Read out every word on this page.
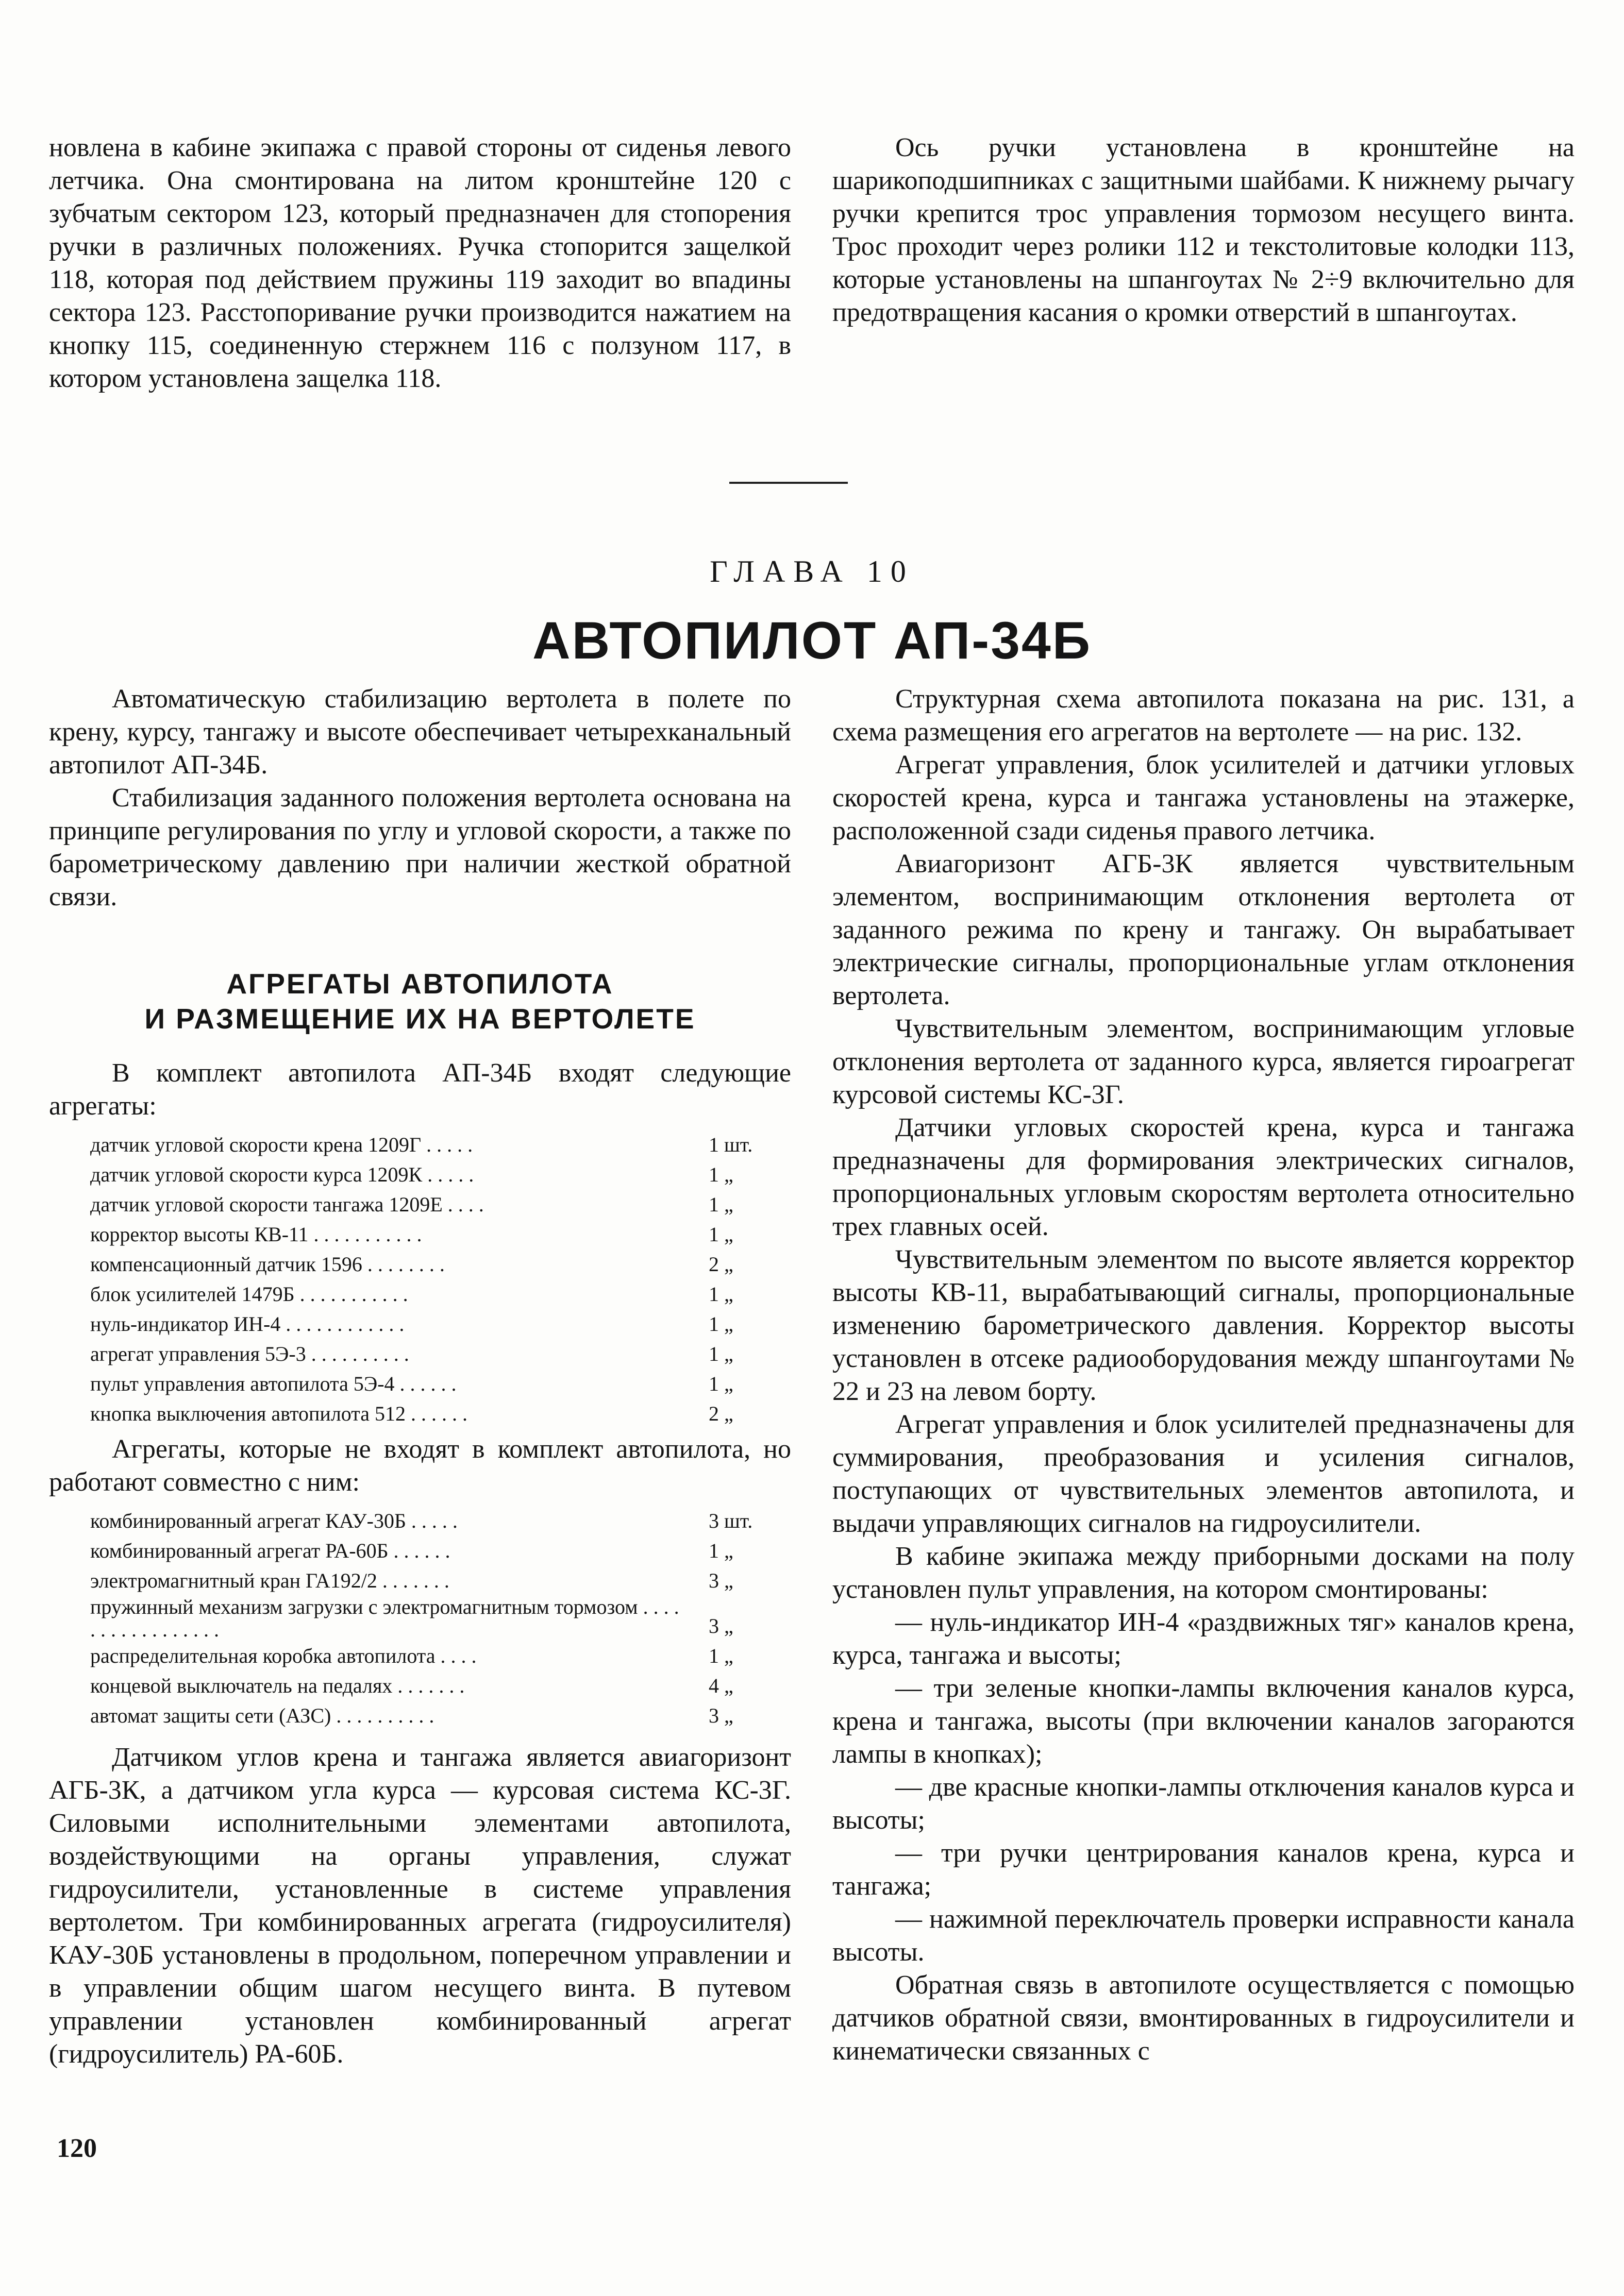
новлена в кабине экипажа с правой стороны от сиденья левого летчика. Она смонтирована на литом кронштейне 120 с зубчатым сектором 123, который предназначен для стопорения ручки в различных положениях. Ручка стопорится защелкой 118, которая под действием пружины 119 заходит во впадины сектора 123. Расстопоривание ручки производится нажатием на кнопку 115, соединенную стержнем 116 с ползуном 117, в котором установлена защелка 118.

Ось ручки установлена в кронштейне на шарикоподшипниках с защитными шайбами. К нижнему рычагу ручки крепится трос управления тормозом несущего винта. Трос проходит через ролики 112 и текстолитовые колодки 113, которые установлены на шпангоутах № 2÷9 включительно для предотвращения касания о кромки отверстий в шпангоутах.

ГЛАВА 10
АВТОПИЛОТ АП-34Б

Автоматическую стабилизацию вертолета в полете по крену, курсу, тангажу и высоте обеспечивает четырехканальный автопилот АП-34Б.

Стабилизация заданного положения вертолета основана на принципе регулирования по углу и угловой скорости, а также по барометрическому давлению при наличии жесткой обратной связи.

АГРЕГАТЫ АВТОПИЛОТА

И РАЗМЕЩЕНИЕ ИХ НА ВЕРТОЛЕТЕ

В комплект автопилота АП-34Б входят следующие агрегаты:

датчик угловой скорости крена 1209Г . . . . .	1	шт.
датчик угловой скорости курса 1209К . . . . .	1	„
датчик угловой скорости тангажа 1209Е . . . .	1	„
корректор высоты КВ-11 . . . . . . . . . . .	1	„
компенсационный датчик 1596 . . . . . . . .	2	„
блок усилителей 1479Б . . . . . . . . . . .	1	„
нуль-индикатор ИН-4 . . . . . . . . . . . .	1	„
агрегат управления 5Э-3 . . . . . . . . . .	1	„
пульт управления автопилота 5Э-4 . . . . . .	1	„
кнопка выключения автопилота 512 . . . . . .	2	„

Агрегаты, которые не входят в комплект автопилота, но работают совместно с ним:

комбинированный агрегат КАУ-30Б . . . . .	3	шт.
комбинированный агрегат РА-60Б . . . . . .	1	„
электромагнитный кран ГА192/2 . . . . . . .	3	„
пружинный механизм загрузки с электромагнитным тормозом . . . . . . . . . . . . . . . . .	3	„
распределительная коробка автопилота . . . .	1	„
концевой выключатель на педалях . . . . . . .	4	„
автомат защиты сети (АЗС) . . . . . . . . . .	3	„

Датчиком углов крена и тангажа является авиагоризонт АГБ-3К, а датчиком угла курса — курсовая система КС-3Г. Силовыми исполнительными элементами автопилота, воздействующими на органы управления, служат гидроусилители, установленные в системе управления вертолетом. Три комбинированных агрегата (гидроусилителя) КАУ-30Б установлены в продольном, поперечном управлении и в управлении общим шагом несущего винта. В путевом управлении установлен комбинированный агрегат (гидроусилитель) РА-60Б.

Структурная схема автопилота показана на рис. 131, а схема размещения его агрегатов на вертолете — на рис. 132.

Агрегат управления, блок усилителей и датчики угловых скоростей крена, курса и тангажа установлены на этажерке, расположенной сзади сиденья правого летчика.

Авиагоризонт АГБ-3К является чувствительным элементом, воспринимающим отклонения вертолета от заданного режима по крену и тангажу. Он вырабатывает электрические сигналы, пропорциональные углам отклонения вертолета.

Чувствительным элементом, воспринимающим угловые отклонения вертолета от заданного курса, является гироагрегат курсовой системы КС-3Г.

Датчики угловых скоростей крена, курса и тангажа предназначены для формирования электрических сигналов, пропорциональных угловым скоростям вертолета относительно трех главных осей.

Чувствительным элементом по высоте является корректор высоты КВ-11, вырабатывающий сигналы, пропорциональные изменению барометрического давления. Корректор высоты установлен в отсеке радиооборудования между шпангоутами № 22 и 23 на левом борту.

Агрегат управления и блок усилителей предназначены для суммирования, преобразования и усиления сигналов, поступающих от чувствительных элементов автопилота, и выдачи управляющих сигналов на гидроусилители.

В кабине экипажа между приборными досками на полу установлен пульт управления, на котором смонтированы:

— нуль-индикатор ИН-4 «раздвижных тяг» каналов крена, курса, тангажа и высоты;

— три зеленые кнопки-лампы включения каналов курса, крена и тангажа, высоты (при включении каналов загораются лампы в кнопках);

— две красные кнопки-лампы отключения каналов курса и высоты;

— три ручки центрирования каналов крена, курса и тангажа;

— нажимной переключатель проверки исправности канала высоты.

Обратная связь в автопилоте осуществляется с помощью датчиков обратной связи, вмонтированных в гидроусилители и кинематически связанных с

120
